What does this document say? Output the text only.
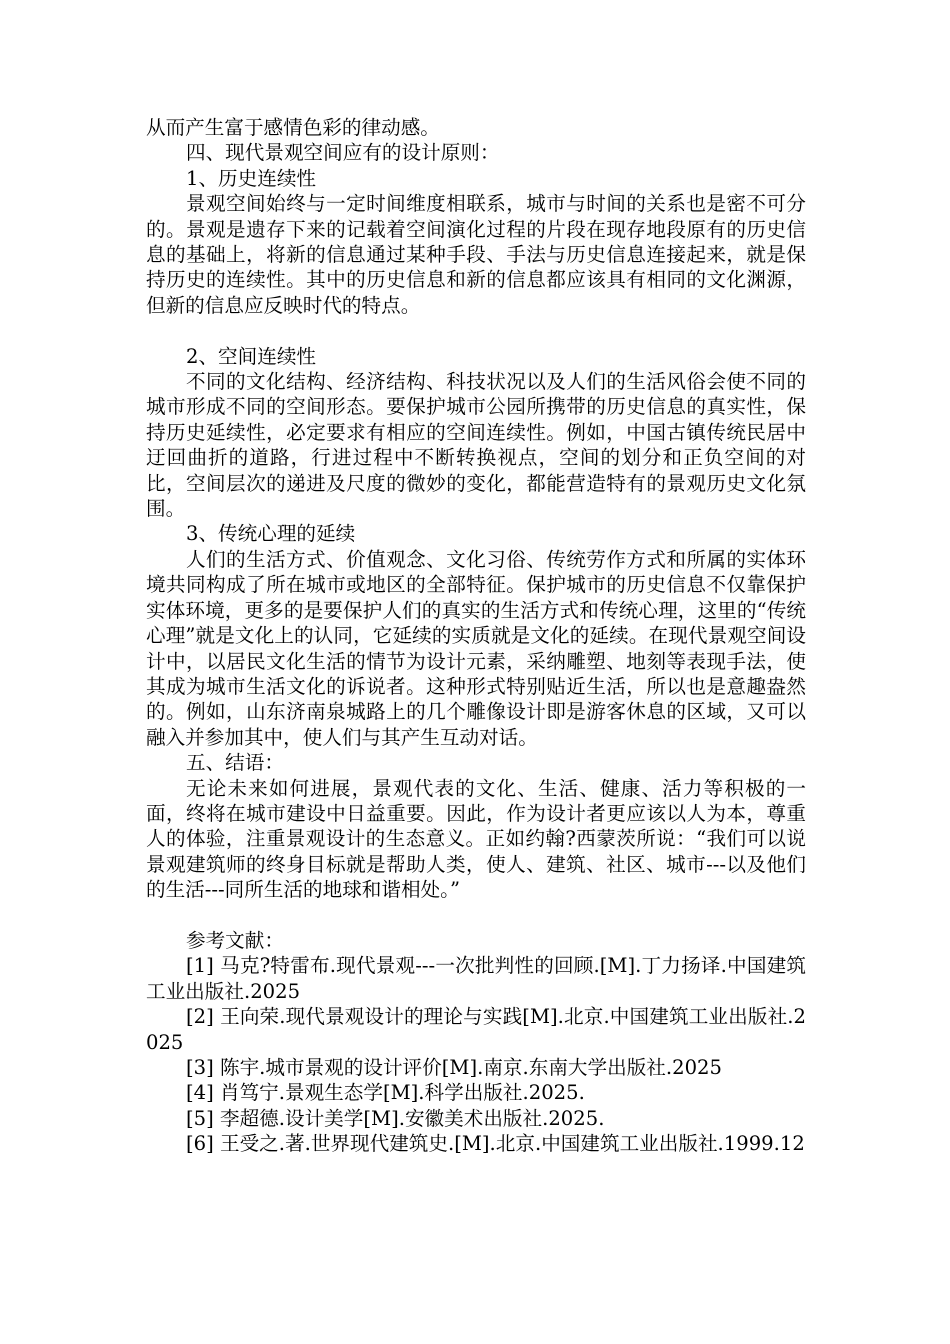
从而产生富于感情色彩的律动感。

四、现代景观空间应有的设计原则：

1、历史连续性

景观空间始终与一定时间维度相联系，城市与时间的关系也是密不可分的。景观是遗存下来的记载着空间演化过程的片段在现存地段原有的历史信息的基础上，将新的信息通过某种手段、手法与历史信息连接起来，就是保持历史的连续性。其中的历史信息和新的信息都应该具有相同的文化渊源，但新的信息应反映时代的特点。

2、空间连续性

不同的文化结构、经济结构、科技状况以及人们的生活风俗会使不同的城市形成不同的空间形态。要保护城市公园所携带的历史信息的真实性，保持历史延续性，必定要求有相应的空间连续性。例如，中国古镇传统民居中迂回曲折的道路，行进过程中不断转换视点，空间的划分和正负空间的对比，空间层次的递进及尺度的微妙的变化，都能营造特有的景观历史文化氛围。

3、传统心理的延续

人们的生活方式、价值观念、文化习俗、传统劳作方式和所属的实体环境共同构成了所在城市或地区的全部特征。保护城市的历史信息不仅靠保护实体环境，更多的是要保护人们的真实的生活方式和传统心理，这里的“传统心理”就是文化上的认同，它延续的实质就是文化的延续。在现代景观空间设计中，以居民文化生活的情节为设计元素，采纳雕塑、地刻等表现手法，使其成为城市生活文化的诉说者。这种形式特别贴近生活，所以也是意趣盎然的。例如，山东济南泉城路上的几个雕像设计即是游客休息的区域，又可以融入并参加其中，使人们与其产生互动对话。

五、结语：

无论未来如何进展，景观代表的文化、生活、健康、活力等积极的一面，终将在城市建设中日益重要。因此，作为设计者更应该以人为本，尊重人的体验，注重景观设计的生态意义。正如约翰?西蒙茨所说：“我们可以说景观建筑师的终身目标就是帮助人类，使人、建筑、社区、城市---以及他们的生活---同所生活的地球和谐相处。”

参考文献：

[1] 马克?特雷布.现代景观---一次批判性的回顾.[M].丁力扬译.中国建筑工业出版社.2025

[2] 王向荣.现代景观设计的理论与实践[M].北京.中国建筑工业出版社.2025

[3] 陈宇.城市景观的设计评价[M].南京.东南大学出版社.2025

[4] 肖笃宁.景观生态学[M].科学出版社.2025.

[5] 李超德.设计美学[M].安徽美术出版社.2025.

[6] 王受之.著.世界现代建筑史.[M].北京.中国建筑工业出版社.1999.12
